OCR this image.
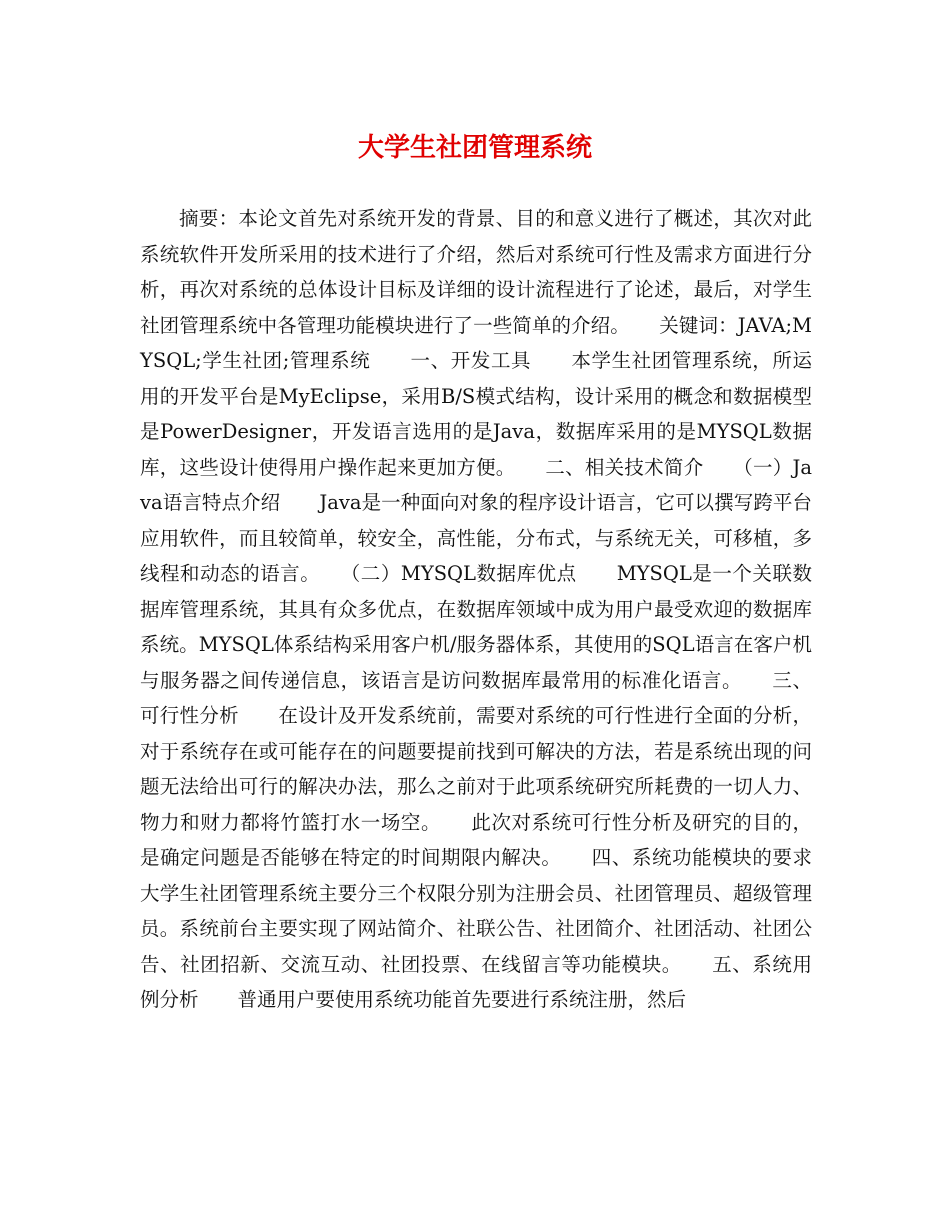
大学生社团管理系统

摘要：本论文首先对系统开发的背景、目的和意义进行了概述，其次对此系统软件开发所采用的技术进行了介绍，然后对系统可行性及需求方面进行分析，再次对系统的总体设计目标及详细的设计流程进行了论述，最后，对学生社团管理系统中各管理功能模块进行了一些简单的介绍。　　关键词：JAVA;MYSQL;学生社团;管理系统　　一、开发工具　　本学生社团管理系统，所运用的开发平台是MyEclipse，采用B/S模式结构，设计采用的概念和数据模型是PowerDesigner，开发语言选用的是Java，数据库采用的是MYSQL数据库，这些设计使得用户操作起来更加方便。　　二、相关技术简介　　（一）Java语言特点介绍　　Java是一种面向对象的程序设计语言，它可以撰写跨平台应用软件，而且较简单，较安全，高性能，分布式，与系统无关，可移植，多线程和动态的语言。　　（二）MYSQL数据库优点　　MYSQL是一个关联数据库管理系统，其具有众多优点，在数据库领域中成为用户最受欢迎的数据库系统。MYSQL体系结构采用客户机/服务器体系，其使用的SQL语言在客户机与服务器之间传递信息，该语言是访问数据库最常用的标准化语言。　　三、可行性分析　　在设计及开发系统前，需要对系统的可行性进行全面的分析，对于系统存在或可能存在的问题要提前找到可解决的方法，若是系统出现的问题无法给出可行的解决办法，那么之前对于此项系统研究所耗费的一切人力、物力和财力都将竹篮打水一场空。　　此次对系统可行性分析及研究的目的，是确定问题是否能够在特定的时间期限内解决。　　四、系统功能模块的要求　　大学生社团管理系统主要分三个权限分别为注册会员、社团管理员、超级管理员。系统前台主要实现了网站简介、社联公告、社团简介、社团活动、社团公告、社团招新、交流互动、社团投票、在线留言等功能模块。　　五、系统用例分析　　普通用户要使用系统功能首先要进行系统注册，然后
